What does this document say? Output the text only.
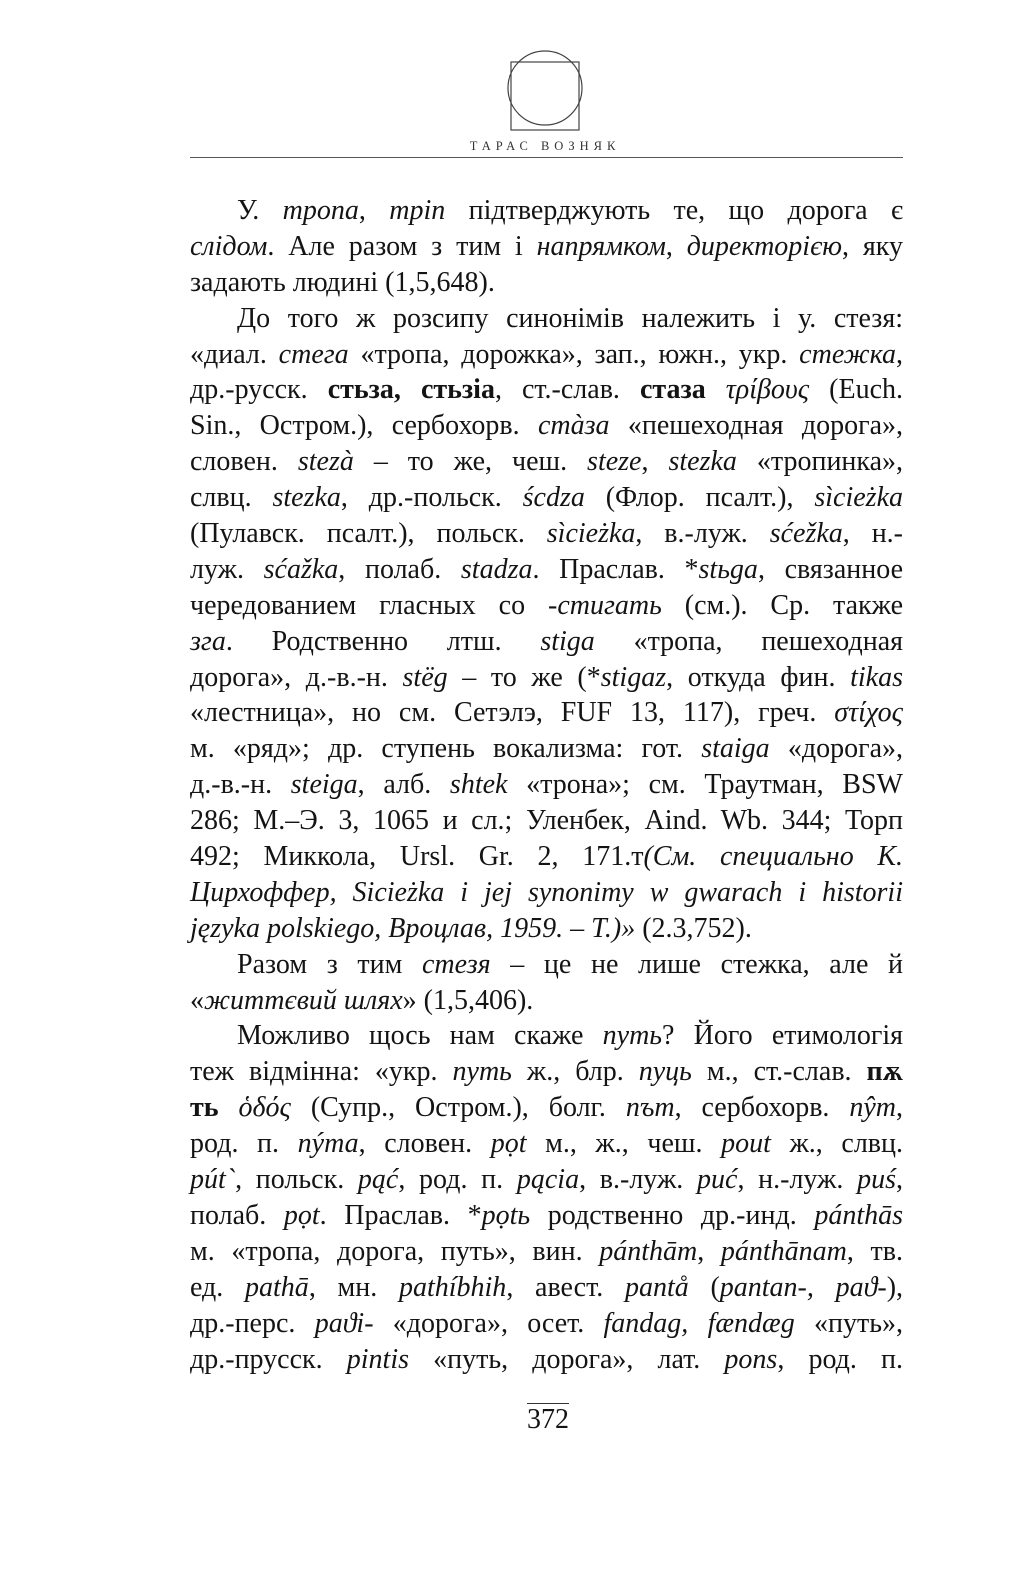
ТАРАС ВОЗНЯК
У. тропа, тріп підтверджують те, що дорога є
слідом. Але разом з тим і напрямком, директорією, яку
задають людині (1,5,648).
До того ж розсипу синонімів належить і у. стезя:
«диал. стега «тропа, дорожка», зап., южн., укр. стежка,
др.-русск. стьза, стьзіа, ст.-слав. стаза τρίβους (Euch.
Sin., Остром.), сербохорв. стàза «пешеходная дорога»,
словен. stezà – то же, чеш. steze, stezka «тропинка»,
слвц. stezka, др.-польск. ścdza (Флор. псалт.), sìcieżka
(Пулавск. псалт.), польск. sìcieżka, в.-луж. sćežka, н.-
луж. sćažka, полаб. stadza. Праслав. *stьga, связанное
чередованием гласных со -стигать (см.). Ср. также
зга. Родственно лтш. stiga «тропа, пешеходная
дорога», д.-в.-н. stëg – то же (*stigaz, откуда фин. tikas
«лестница», но см. Сетэлэ, FUF 13, 117), греч. στίχος
м. «ряд»; др. ступень вокализма: гот. staiga «дорога»,
д.-в.-н. steiga, алб. shtek «трона»; см. Траутман, BSW
286; М.–Э. 3, 1065 и сл.; Уленбек, Aind. Wb. 344; Торп
492; Миккола, Ursl. Gr. 2, 171.т(См. специально К.
Цирхоффер, Sicieżka i jej synonimy w gwarach i historii
języka polskiego, Вроцлав, 1959. – Т.)» (2.3,752).
Разом з тим стезя – це не лише стежка, але й
«життєвий шлях» (1,5,406).
Можливо щось нам скаже путь? Його етимологія
теж відмінна: «укр. путь ж., блр. пуць м., ст.-слав. пѫ
ть ὁδός (Супр., Остром.), болг. път, сербохорв. пŷт,
род. п. пýта, словен. pọt м., ж., чеш. pout ж., слвц.
pút`, польск. pąć, род. п. pącia, в.-луж. puć, н.-луж. puś,
полаб. pọt. Праслав. *pọtь родственно др.-инд. pánthās
м. «тропа, дорога, путь», вин. pánthām, pánthānam, тв.
ед. pathā, мн. pathíbhih, авест. pantå (pantan-, paϑ-),
др.-перс. paϑi- «дорога», осет. fandag, fændæg «путь»,
др.-прусск. pintis «путь, дорога», лат. pons, род. п.
372
